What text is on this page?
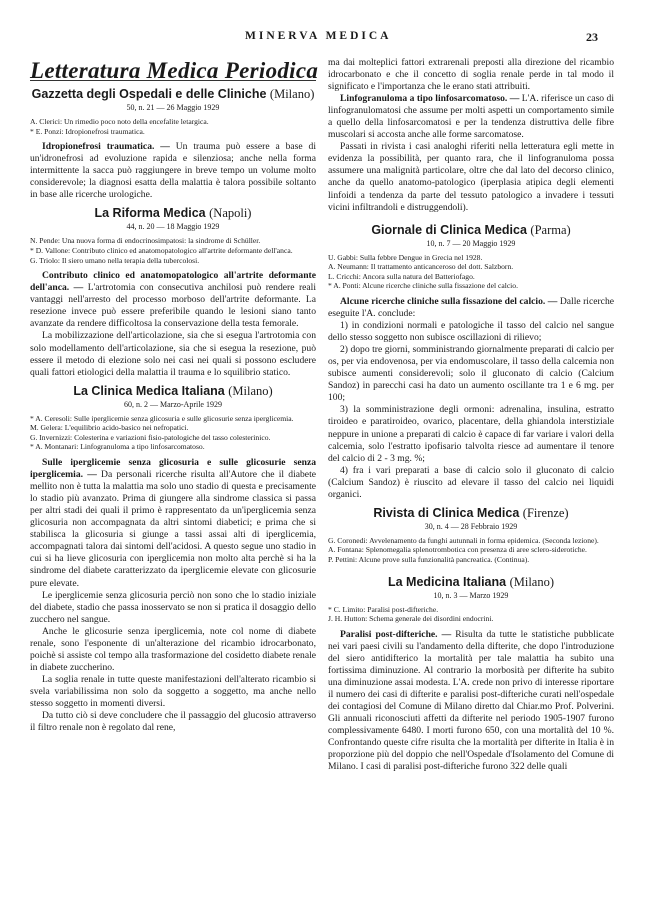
MINERVA MEDICA	23
Letteratura Medica Periodica
Gazzetta degli Ospedali e delle Cliniche (Milano)
50, n. 21 — 26 Maggio 1929
A. Clerici: Un rimedio poco noto della encefalite letargica.
* E. Ponzi: Idropionefrosi traumatica.

Idropionefrosi traumatica. — Un trauma può essere a base di un'idronefrosi ad evoluzione rapida e silenziosa; anche nella forma intermittente la sacca può raggiungere in breve tempo un volume molto considerevole; la diagnosi esatta della malattia è talora possibile soltanto in base alle ricerche urologiche.

La Riforma Medica (Napoli)
44, n. 20 — 18 Maggio 1929
N. Pende: Una nuova forma di endocrinosimpatosi: la sindrome di Schüller.
* D. Vallone: Contributo clinico ed anatomopatologico all'artrite deformante dell'anca.
G. Triolo: Il siero umano nella terapia della tubercolosi.

Contributo clinico ed anatomopatologico all'artrite deformante dell'anca. — L'artrotomia con consecutiva anchilosi può rendere reali vantaggi nell'arresto del processo morboso dell'artrite deformante. La resezione invece può essere preferibile quando le lesioni siano tanto avanzate da rendere difficoltosa la conservazione della testa femorale.

La mobilizzazione dell'articolazione, sia che si esegua l'artrotomia con solo modellamento dell'articolazione, sia che si esegua la resezione, può essere il metodo di elezione solo nei casi nei quali si possono escludere quali fattori etiologici della malattia il trauma e lo squilibrio statico.

La Clinica Medica Italiana (Milano)
60, n. 2 — Marzo-Aprile 1929
* A. Ceresoli: Sulle iperglicemie senza glicosuria e sulle glicosurie senza iperglicemia.
M. Gelera: L'equilibrio acido-basico nei nefropatici.
G. Invernizzi: Colesterina e variazioni fisio-patologiche del tasso colesterinico.
* A. Montanari: Linfogranuloma a tipo linfosarcomatoso.

Sulle iperglicemie senza glicosuria e sulle glicosurie senza iperglicemia. — Da personali ricerche risulta all'Autore che il diabete mellito non è tutta la malattia ma solo uno stadio di questa e precisamente lo stadio più avanzato. Prima di giungere alla sindrome classica si passa per altri stadi dei quali il primo è rappresentato da un'iperglicemia senza glicosuria non accompagnata da altri sintomi diabetici; e prima che si stabilisca la glicosuria si giunge a tassi assai alti di iperglicemia, accompagnati talora dai sintomi dell'acidosi. A questo segue uno stadio in cui si ha lieve glicosuria con iperglicemia non molto alta perchè si ha la sindrome del diabete caratterizzato da iperglicemie elevate con glicosurie pure elevate.

Le iperglicemie senza glicosuria perciò non sono che lo stadio iniziale del diabete, stadio che passa inosservato se non si pratica il dosaggio dello zucchero nel sangue.

Anche le glicosurie senza iperglicemia, note col nome di diabete renale, sono l'esponente di un'alterazione del ricambio idrocarbonato, poichè si assiste col tempo alla trasformazione del cosidetto diabete renale in diabete zuccherino.

La soglia renale in tutte queste manifestazioni dell'alterato ricambio si svela variabilissima non solo da soggetto a soggetto, ma anche nello stesso soggetto in momenti diversi.

Da tutto ciò si deve concludere che il passaggio del glucosio attraverso il filtro renale non è regolato dal rene,

ma dai molteplici fattori extrarenali preposti alla direzione del ricambio idrocarbonato e che il concetto di soglia renale perde in tal modo il significato e l'importanza che le erano stati attribuiti.

Linfogranuloma a tipo linfosarcomatoso. — L'A. riferisce un caso di linfogranulomatosi che assume per molti aspetti un comportamento simile a quello della linfosarcomatosi e per la tendenza distruttiva delle fibre muscolari si accosta anche alle forme sarcomatose.

Passati in rivista i casi analoghi riferiti nella letteratura egli mette in evidenza la possibilità, per quanto rara, che il linfogranuloma possa assumere una malignità particolare, oltre che dal lato del decorso clinico, anche da quello anatomo-patologico (iperplasia atipica degli elementi linfoidi a tendenza da parte del tessuto patologico a invadere i tessuti vicini infiltrandoli e distruggendoli).

Giornale di Clinica Medica (Parma)
10, n. 7 — 20 Maggio 1929
U. Gabbi: Sulla febbre Dengue in Grecia nel 1928.
A. Neumann: Il trattamento anticanceroso del dott. Salzborn.
L. Cricchi: Ancora sulla natura del Batteriofago.
* A. Ponti: Alcune ricerche cliniche sulla fissazione del calcio.

Alcune ricerche cliniche sulla fissazione del calcio. — Dalle ricerche eseguite l'A. conclude:

1) in condizioni normali e patologiche il tasso del calcio nel sangue dello stesso soggetto non subisce oscillazioni di rilievo;

2) dopo tre giorni, somministrando giornalmente preparati di calcio per os, per via endovenosa, per via endomuscolare, il tasso della calcemia non subisce aumenti considerevoli; solo il gluconato di calcio (Calcium Sandoz) in parecchi casi ha dato un aumento oscillante tra 1 e 6 mg. per 100;

3) la somministrazione degli ormoni: adrenalina, insulina, estratto tiroideo e paratiroideo, ovarico, placentare, della ghiandola interstiziale neppure in unione a preparati di calcio è capace di far variare i valori della calcemia, solo l'estratto ipofisario talvolta riesce ad aumentare il tenore del calcio di 2 - 3 mg. %;

4) fra i vari preparati a base di calcio solo il gluconato di calcio (Calcium Sandoz) è riuscito ad elevare il tasso del calcio nei liquidi organici.

Rivista di Clinica Medica (Firenze)
30, n. 4 — 28 Febbraio 1929
G. Coronedi: Avvelenamento da funghi autunnali in forma epidemica. (Seconda lezione).
A. Fontana: Splenomegalia splenotrombotica con presenza di aree sclero-siderotiche.
P. Pettini: Alcune prove sulla funzionalità pancreatica. (Continua).
La Medicina Italiana (Milano)
10, n. 3 — Marzo 1929
* C. Limito: Paralisi post-difteriche.
J. H. Hutton: Schema generale dei disordini endocrini.

Paralisi post-difteriche. — Risulta da tutte le statistiche pubblicate nei vari paesi civili su l'andamento della difterite, che dopo l'introduzione del siero antidifterico la mortalità per tale malattia ha subito una fortissima diminuzione. Al contrario la morbosità per difterite ha subito una diminuzione assai modesta. L'A. crede non privo di interesse riportare il numero dei casi di difterite e paralisi post-difteriche curati nell'ospedale dei contagiosi del Comune di Milano diretto dal Chiar.mo Prof. Polverini. Gli annuali riconosciuti affetti da difterite nel periodo 1905-1907 furono complessivamente 6480. I morti furono 650, con una mortalità del 10 %. Confrontando queste cifre risulta che la mortalità per difterite in Italia è in proporzione più del doppio che nell'Ospedale d'Isolamento del Comune di Milano. I casi di paralisi post-difteriche furono 322 delle quali
